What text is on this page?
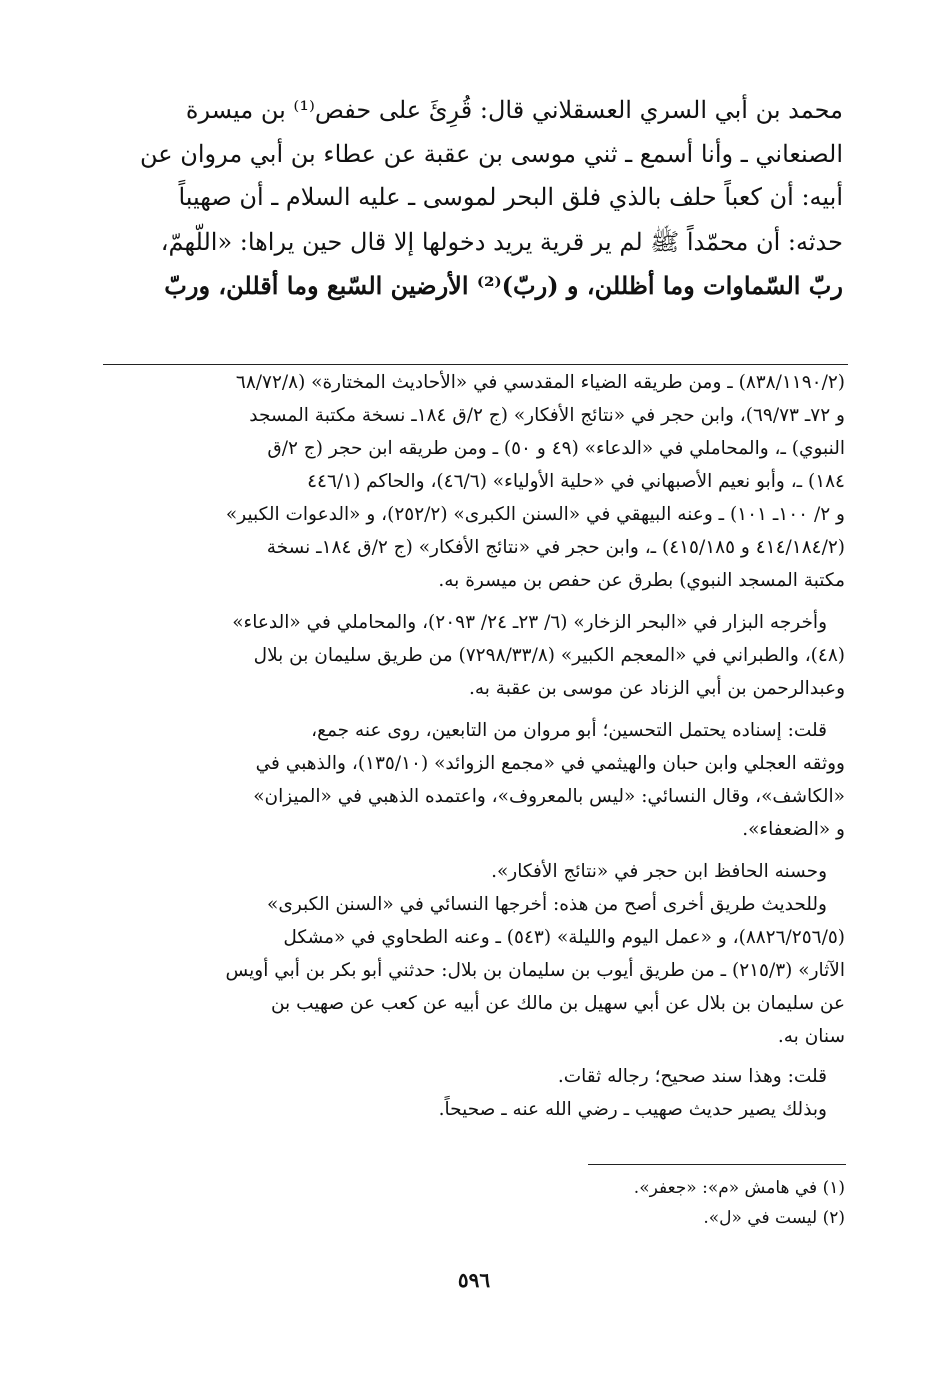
محمد بن أبي السري العسقلاني قال: قُرِئَ على حفص⁽¹⁾ بن ميسرة
الصنعاني ـ وأنا أسمع ـ ثني موسى بن عقبة عن عطاء بن أبي مروان عن
أبيه: أن كعباً حلف بالذي فلق البحر لموسى ـ عليه السلام ـ أن صهيباً
حدثه: أن محمّداً ﷺ لم ير قرية يريد دخولها إلا قال حين يراها: «اللّهمّ،
ربّ السّماوات وما أظللن، و (ربّ)⁽²⁾ الأرضين السّبع وما أقللن، وربّ
(٨٣٨/١١٩٠/٢) ـ ومن طريقه الضياء المقدسي في «الأحاديث المختارة» (٦٨/٧٢/٨
و ٧٢ـ ٦٩/٧٣)، وابن حجر في «نتائج الأفكار» (ج ٢/ق ١٨٤ـ نسخة مكتبة المسجد
النبوي) ـ، والمحاملي في «الدعاء» (٤٩ و ٥٠) ـ ومن طريقه ابن حجر (ج ٢/ق
١٨٤) ـ، وأبو نعيم الأصبهاني في «حلية الأولياء» (٤٦/٦)، والحاكم (٤٤٦/١
و ٢/ ١٠٠ـ ١٠١) ـ وعنه البيهقي في «السنن الكبرى» (٢٥٢/٢)، و «الدعوات الكبير»
(٤١٤/١٨٤/٢ و ٤١٥/١٨٥) ـ، وابن حجر في «نتائج الأفكار» (ج ٢/ق ١٨٤ـ نسخة
مكتبة المسجد النبوي) بطرق عن حفص بن ميسرة به.
وأخرجه البزار في «البحر الزخار» (٦/ ٢٣ـ ٢٤/ ٢٠٩٣)، والمحاملي في «الدعاء»
(٤٨)، والطبراني في «المعجم الكبير» (٧٢٩٨/٣٣/٨) من طريق سليمان بن بلال
وعبدالرحمن بن أبي الزناد عن موسى بن عقبة به.
قلت: إسناده يحتمل التحسين؛ أبو مروان من التابعين، روى عنه جمع،
ووثقه العجلي وابن حبان والهيثمي في «مجمع الزوائد» (١٣٥/١٠)، والذهبي في
«الكاشف»، وقال النسائي: «ليس بالمعروف»، واعتمده الذهبي في «الميزان»
و «الضعفاء».
وحسنه الحافظ ابن حجر في «نتائج الأفكار».
وللحديث طريق أخرى أصح من هذه: أخرجها النسائي في «السنن الكبرى»
(٨٨٢٦/٢٥٦/٥)، و «عمل اليوم والليلة» (٥٤٣) ـ وعنه الطحاوي في «مشكل
الآثار» (٢١٥/٣) ـ من طريق أيوب بن سليمان بن بلال: حدثني أبو بكر بن أبي أويس
عن سليمان بن بلال عن أبي سهيل بن مالك عن أبيه عن كعب عن صهيب بن
سنان به.
قلت: وهذا سند صحيح؛ رجاله ثقات.
وبذلك يصير حديث صهيب ـ رضي الله عنه ـ صحيحاً.
(١) في هامش «م»: «جعفر».
(٢) ليست في «ل».
٥٩٦
